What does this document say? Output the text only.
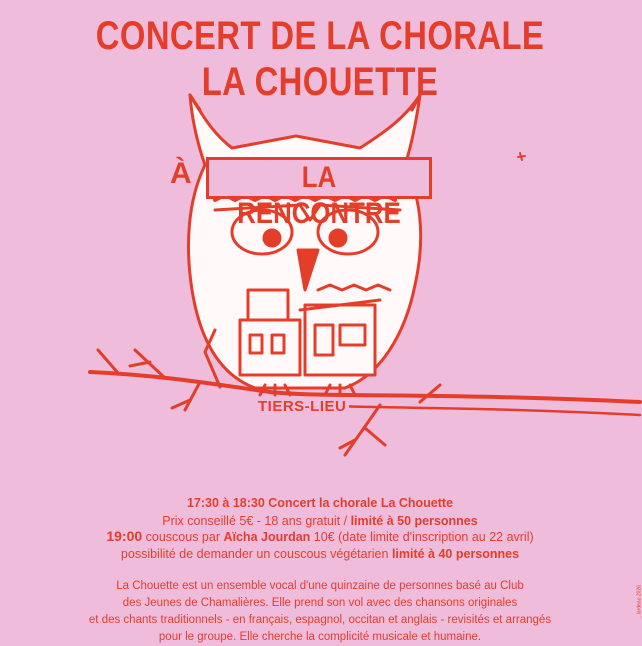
CONCERT DE LA CHORALE
LA CHOUETTE
À	LA RENCONTRE
TIERS-LIEU
17:30 à 18:30 Concert la chorale La Chouette
Prix conseillé 5€ - 18 ans gratuit / limité à 50 personnes
19:00 couscous par Aïcha Jourdan 10€ (date limite d'inscription au 22 avril)
possibilité de demander un couscous végétarien limité à 40 personnes
La Chouette est un ensemble vocal d'une quinzaine de personnes basé au Club
des Jeunes de Chamalières. Elle prend son vol avec des chansons originales
et des chants traditionnels - en français, espagnol, occitan et anglais - revisités et arrangés
pour le groupe. Elle cherche la complicité musicale et humaine.
...lardeau 2026
